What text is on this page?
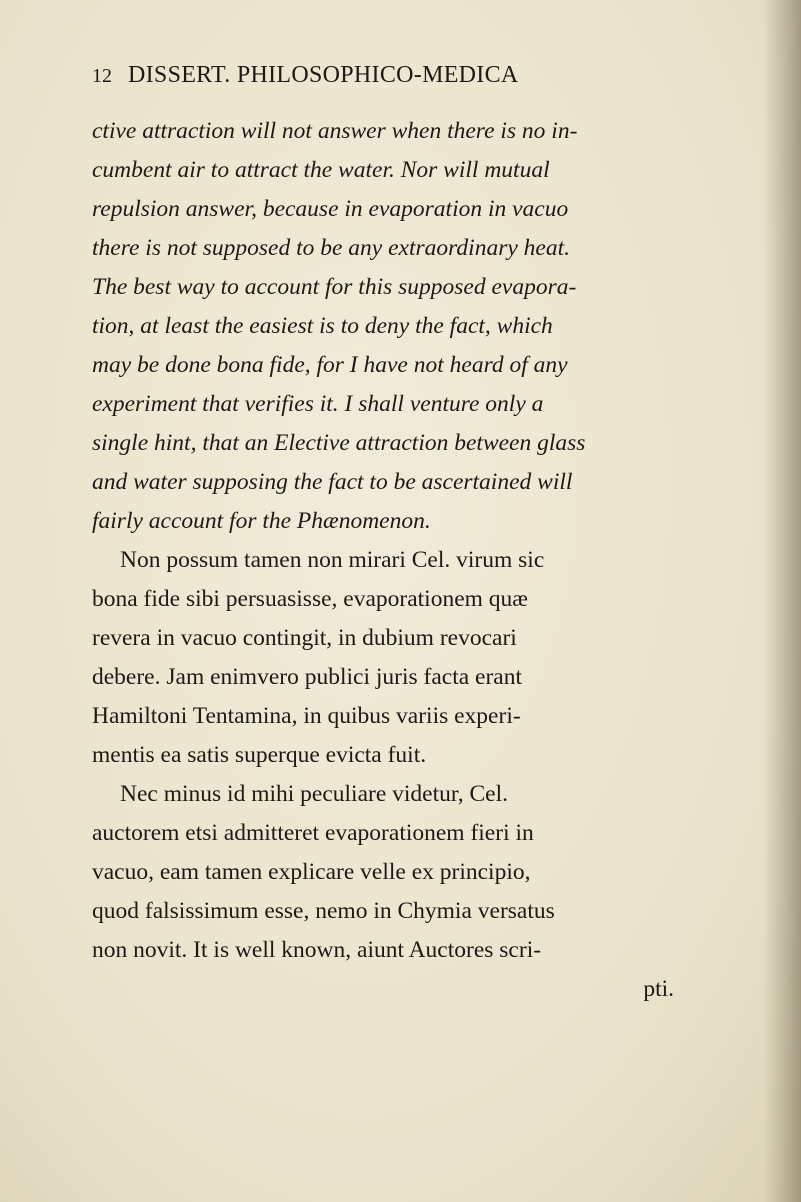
12 DISSERT. PHILOSOPHICO-MEDICA
ctive attraction will not answer when there is no in-
cumbent air to attract the water. Nor will mutual
repulsion answer, because in evaporation in vacuo
there is not supposed to be any extraordinary heat.
The best way to account for this supposed evapora-
tion, at least the easiest is to deny the fact, which
may be done bona fide, for I have not heard of any
experiment that verifies it. I shall venture only a
single hint, that an Elective attraction between glass
and water supposing the fact to be ascertained will
fairly account for the Phænomenon.
Non possum tamen non mirari Cel. virum sic
bona fide sibi persuasisse, evaporationem quæ
revera in vacuo contingit, in dubium revocari
debere. Jam enimvero publici juris facta erant
Hamiltoni Tentamina, in quibus variis experi-
mentis ea satis superque evicta fuit.
Nec minus id mihi peculiare videtur, Cel.
auctorem etsi admitteret evaporationem fieri in
vacuo, eam tamen explicare velle ex principio,
quod falsissimum esse, nemo in Chymia versatus
non novit. It is well known, aiunt Auctores scri-
pti.
